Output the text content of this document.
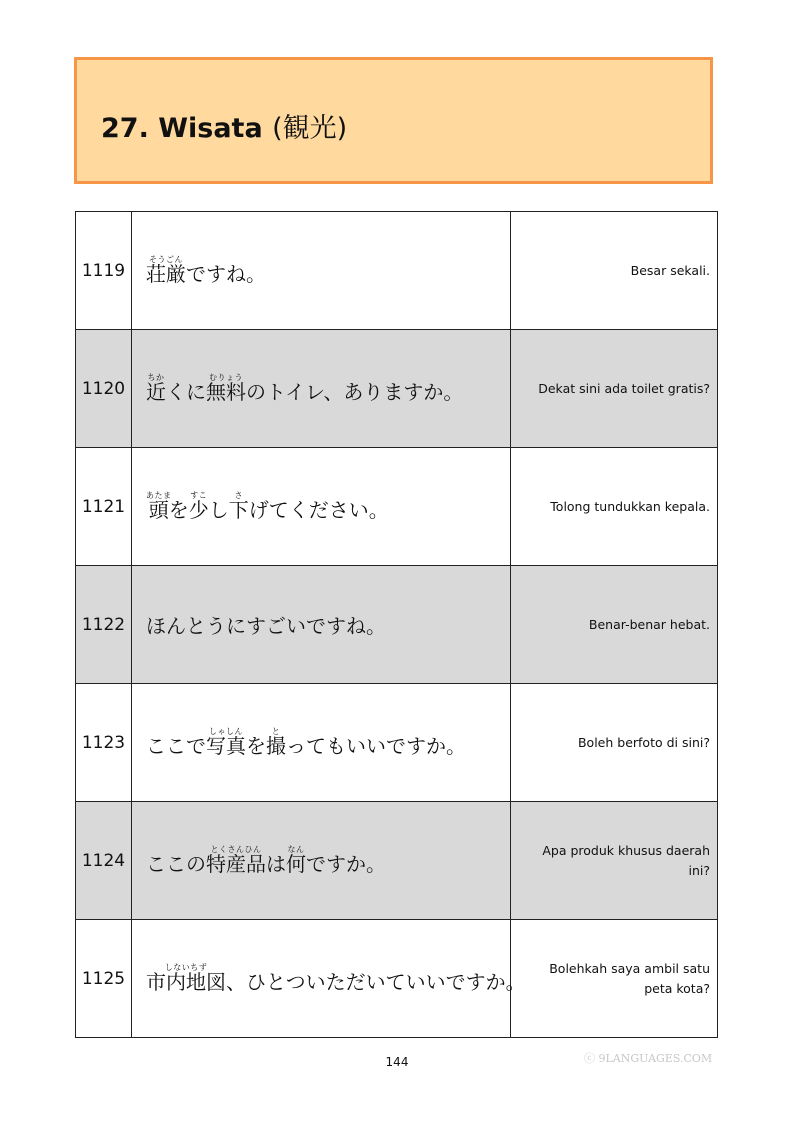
27. Wisata (観光)
1119	荘厳そうごんですね。	Besar sekali.
1120	近ちかくに無料むりょうのトイレ、ありますか。	Dekat sini ada toilet gratis?
1121	頭あたまを少すこし下さげてください。	Tolong tundukkan kepala.
1122	ほんとうにすごいですね。	Benar-benar hebat.
1123	ここで写真しゃしんを撮とってもいいですか。	Boleh berfoto di sini?
1124	ここの特産品とくさんひんは何なんですか。	Apa produk khusus daerah ini?
1125	市内地図しないちず、ひとついただいていいですか。	Bolehkah saya ambil satu peta kota?
144	ⓒ 9LANGUAGES.COM
